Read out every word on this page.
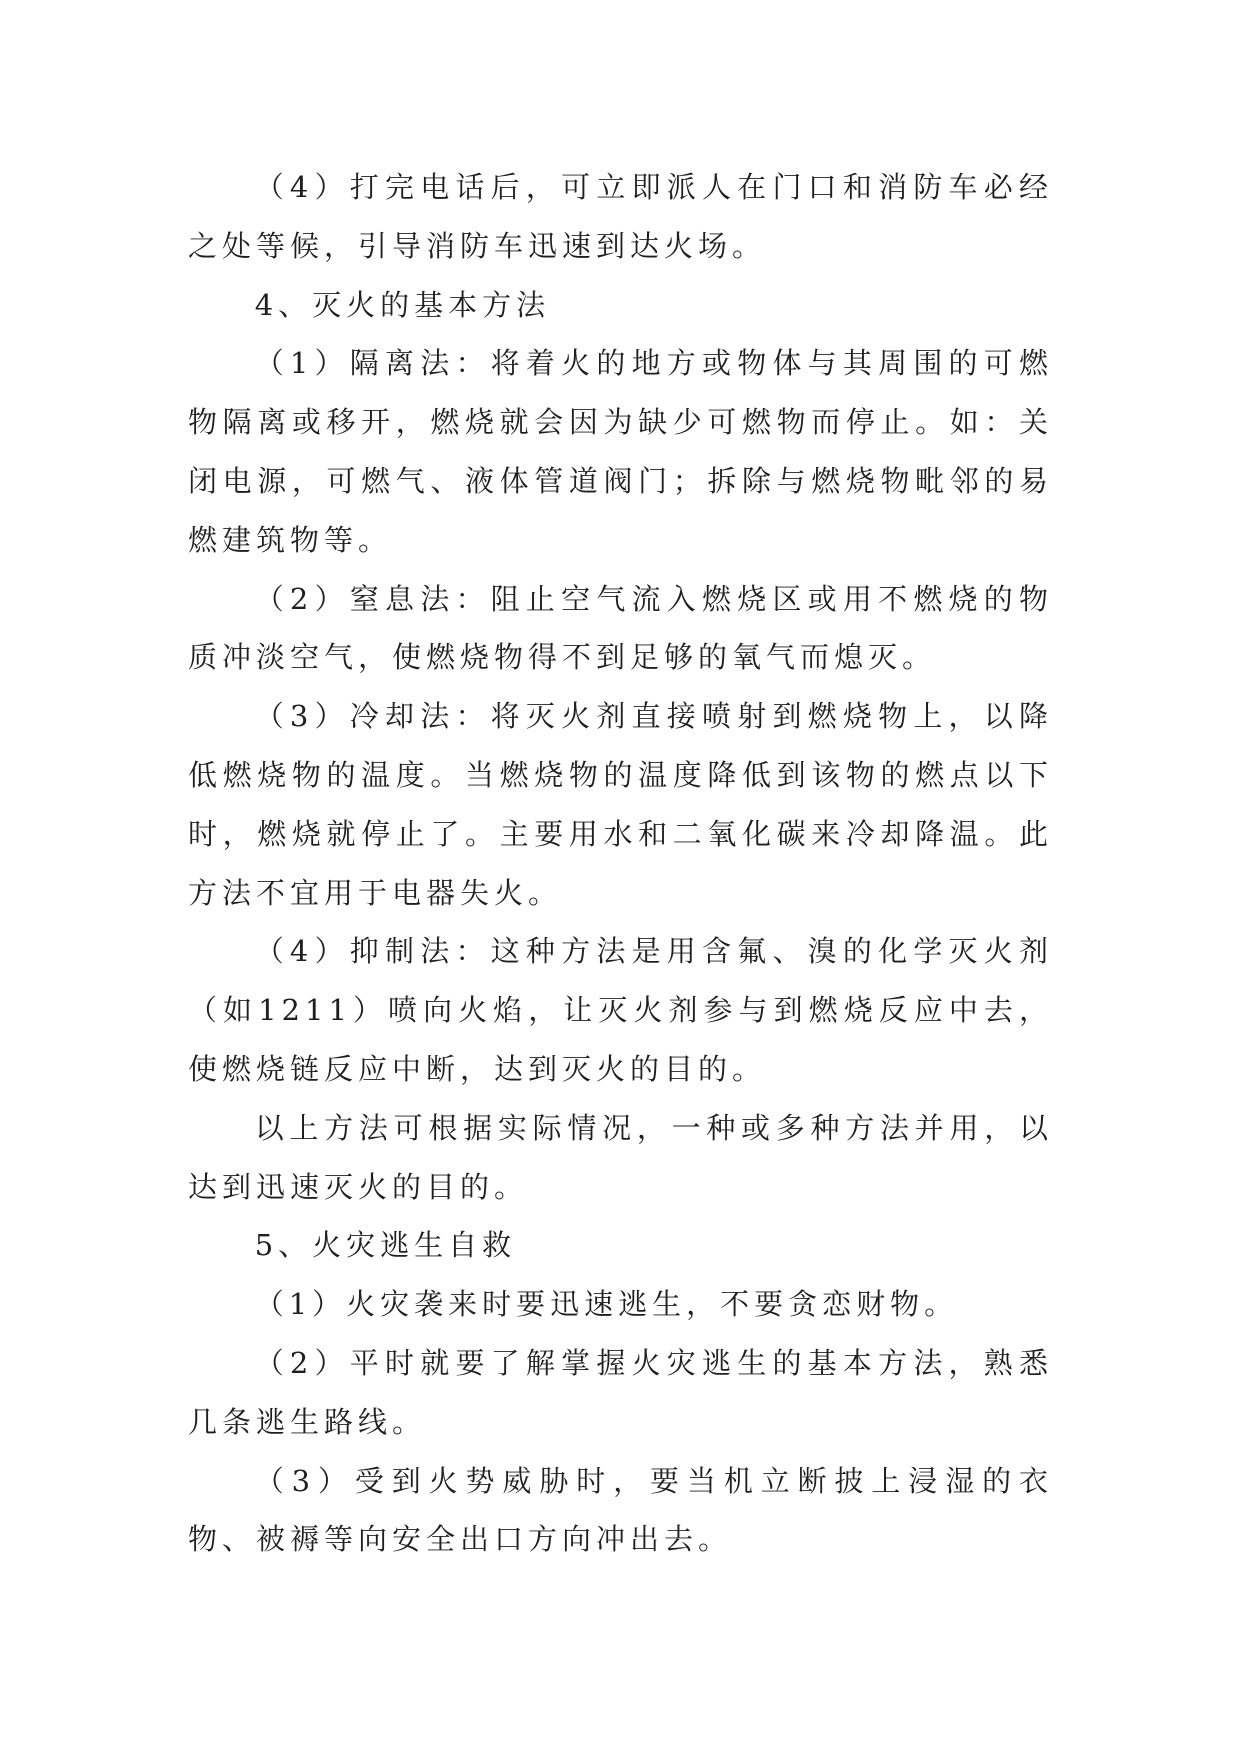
（4）打完电话后，可立即派人在门口和消防车必经之处等候，引导消防车迅速到达火场。

4、灭火的基本方法

（1）隔离法：将着火的地方或物体与其周围的可燃物隔离或移开，燃烧就会因为缺少可燃物而停止。如：关闭电源，可燃气、液体管道阀门；拆除与燃烧物毗邻的易燃建筑物等。

（2）窒息法：阻止空气流入燃烧区或用不燃烧的物质冲淡空气，使燃烧物得不到足够的氧气而熄灭。

（3）冷却法：将灭火剂直接喷射到燃烧物上，以降低燃烧物的温度。当燃烧物的温度降低到该物的燃点以下时，燃烧就停止了。主要用水和二氧化碳来冷却降温。此方法不宜用于电器失火。

（4）抑制法：这种方法是用含氟、溴的化学灭火剂（如1211）喷向火焰，让灭火剂参与到燃烧反应中去，使燃烧链反应中断，达到灭火的目的。

以上方法可根据实际情况，一种或多种方法并用，以达到迅速灭火的目的。

5、火灾逃生自救

（1）火灾袭来时要迅速逃生，不要贪恋财物。

（2）平时就要了解掌握火灾逃生的基本方法，熟悉几条逃生路线。

（3）受到火势威胁时，要当机立断披上浸湿的衣物、被褥等向安全出口方向冲出去。
